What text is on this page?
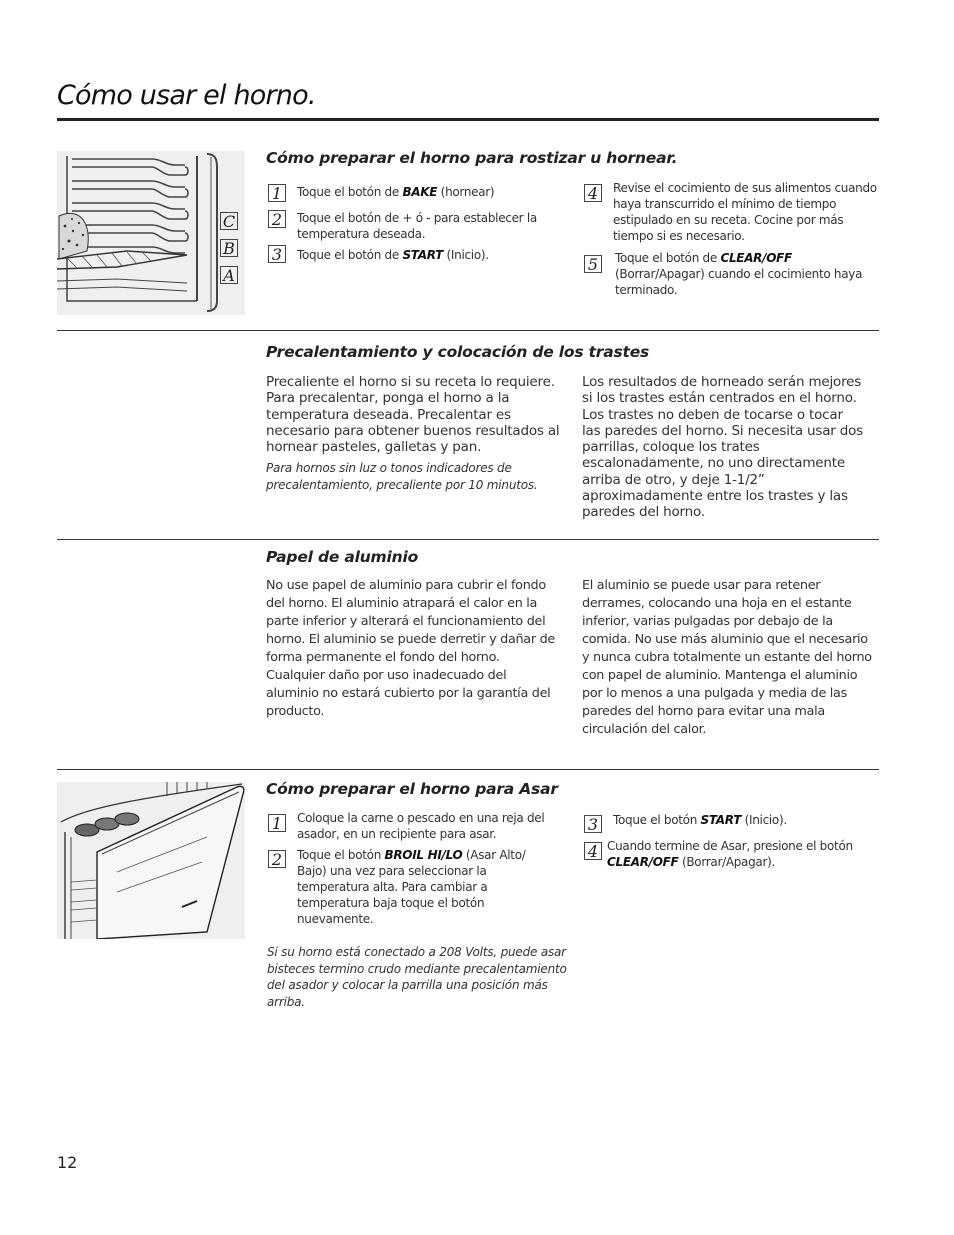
Cómo usar el horno.
C
B
A
Cómo preparar el horno para rostizar u hornear.
1	Toque el botón de BAKE (hornear)
2	Toque el botón de + ó - para establecer la temperatura deseada.
3	Toque el botón de START (Inicio).
4	Revise el cocimiento de sus alimentos cuando haya transcurrido el mínimo de tiempo estipulado en su receta. Cocine por más tiempo si es necesario.
5	Toque el botón de CLEAR/OFF (Borrar/Apagar) cuando el cocimiento haya terminado.
Precalentamiento y colocación de los trastes
Precaliente el horno si su receta lo requiere. Para precalentar, ponga el horno a la temperatura deseada. Precalentar es necesario para obtener buenos resultados al hornear pasteles, galletas y pan.
Para hornos sin luz o tonos indicadores de precalentamiento, precaliente por 10 minutos.
Los resultados de horneado serán mejores si los trastes están centrados en el horno. Los trastes no deben de tocarse o tocar las paredes del horno. Si necesita usar dos parrillas, coloque los trates escalonadamente, no uno directamente arriba de otro, y deje 1-1/2” aproximadamente entre los trastes y las paredes del horno.
Papel de aluminio
No use papel de aluminio para cubrir el fondo del horno. El aluminio atrapará el calor en la parte inferior y alterará el funcionamiento del horno. El aluminio se puede derretir y dañar de forma permanente el fondo del horno. Cualquier daño por uso inadecuado del aluminio no estará cubierto por la garantía del producto.
El aluminio se puede usar para retener derrames, colocando una hoja en el estante inferior, varias pulgadas por debajo de la comida. No use más aluminio que el necesario y nunca cubra totalmente un estante del horno con papel de aluminio. Mantenga el aluminio por lo menos a una pulgada y media de las paredes del horno para evitar una mala circulación del calor.
Cómo preparar el horno para Asar
1	Coloque la carne o pescado en una reja del asador, en un recipiente para asar.
2	Toque el botón BROIL HI/LO (Asar Alto/ Bajo) una vez para seleccionar la temperatura alta. Para cambiar a temperatura baja toque el botón nuevamente.
Si su horno está conectado a 208 Volts, puede asar bisteces termino crudo mediante precalentamiento del asador y colocar la parrilla una posición más arriba.
3	Toque el botón START (Inicio).
4 Cuando termine de Asar, presione el botón CLEAR/OFF (Borrar/Apagar).
12
